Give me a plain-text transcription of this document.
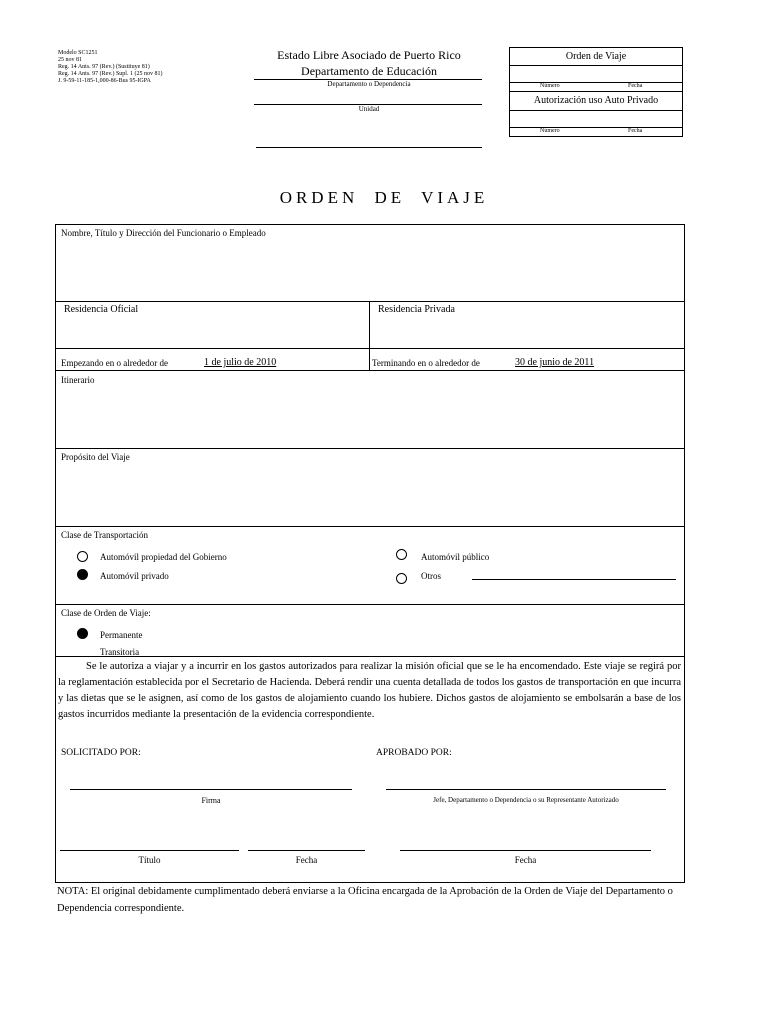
Modelo SC1251
25 nov 81
Reg. 14 Ants. 97 (Rev.) (Sustituye 81)
Reg. 14 Ants. 97 (Rev.) Supl. 1 (25 nov 81)
J. 9-59-11-185-1,000-86-Bus 95-IGPA
Estado Libre Asociado de Puerto Rico
Departamento de Educación
Departamento o Dependencia
Unidad
Orden de Viaje
Número	Fecha
Autorización uso Auto Privado
Número	Fecha
ORDEN DE VIAJE
Nombre, Título y Dirección del Funcionario o Empleado
Residencia Oficial	Residencia Privada
Empezando en o alrededor de	1 de julio de 2010	Terminando en o alrededor de	30 de junio de 2011
Itinerario
Propósito del Viaje
Clase de Transportación
Automóvil propiedad del Gobierno
Automóvil privado
Automóvil público
Otros
Clase de Orden de Viaje:
Permanente
Transitoria
Se le autoriza a viajar y a incurrir en los gastos autorizados para realizar la misión oficial que se le ha encomendado. Este viaje se regirá por la reglamentación establecida por el Secretario de Hacienda. Deberá rendir una cuenta detallada de todos los gastos de transportación en que incurra y las dietas que se le asignen, así como de los gastos de alojamiento cuando los hubiere. Dichos gastos de alojamiento se embolsarán a base de los gastos incurridos mediante la presentación de la evidencia correspondiente.
SOLICITADO POR:	APROBADO POR:
Firma	Jefe, Departamento o Dependencia o su Representante Autorizado
Título	Fecha	Fecha
NOTA: El original debidamente cumplimentado deberá enviarse a la Oficina encargada de la Aprobación de la Orden de Viaje del Departamento o Dependencia correspondiente.
